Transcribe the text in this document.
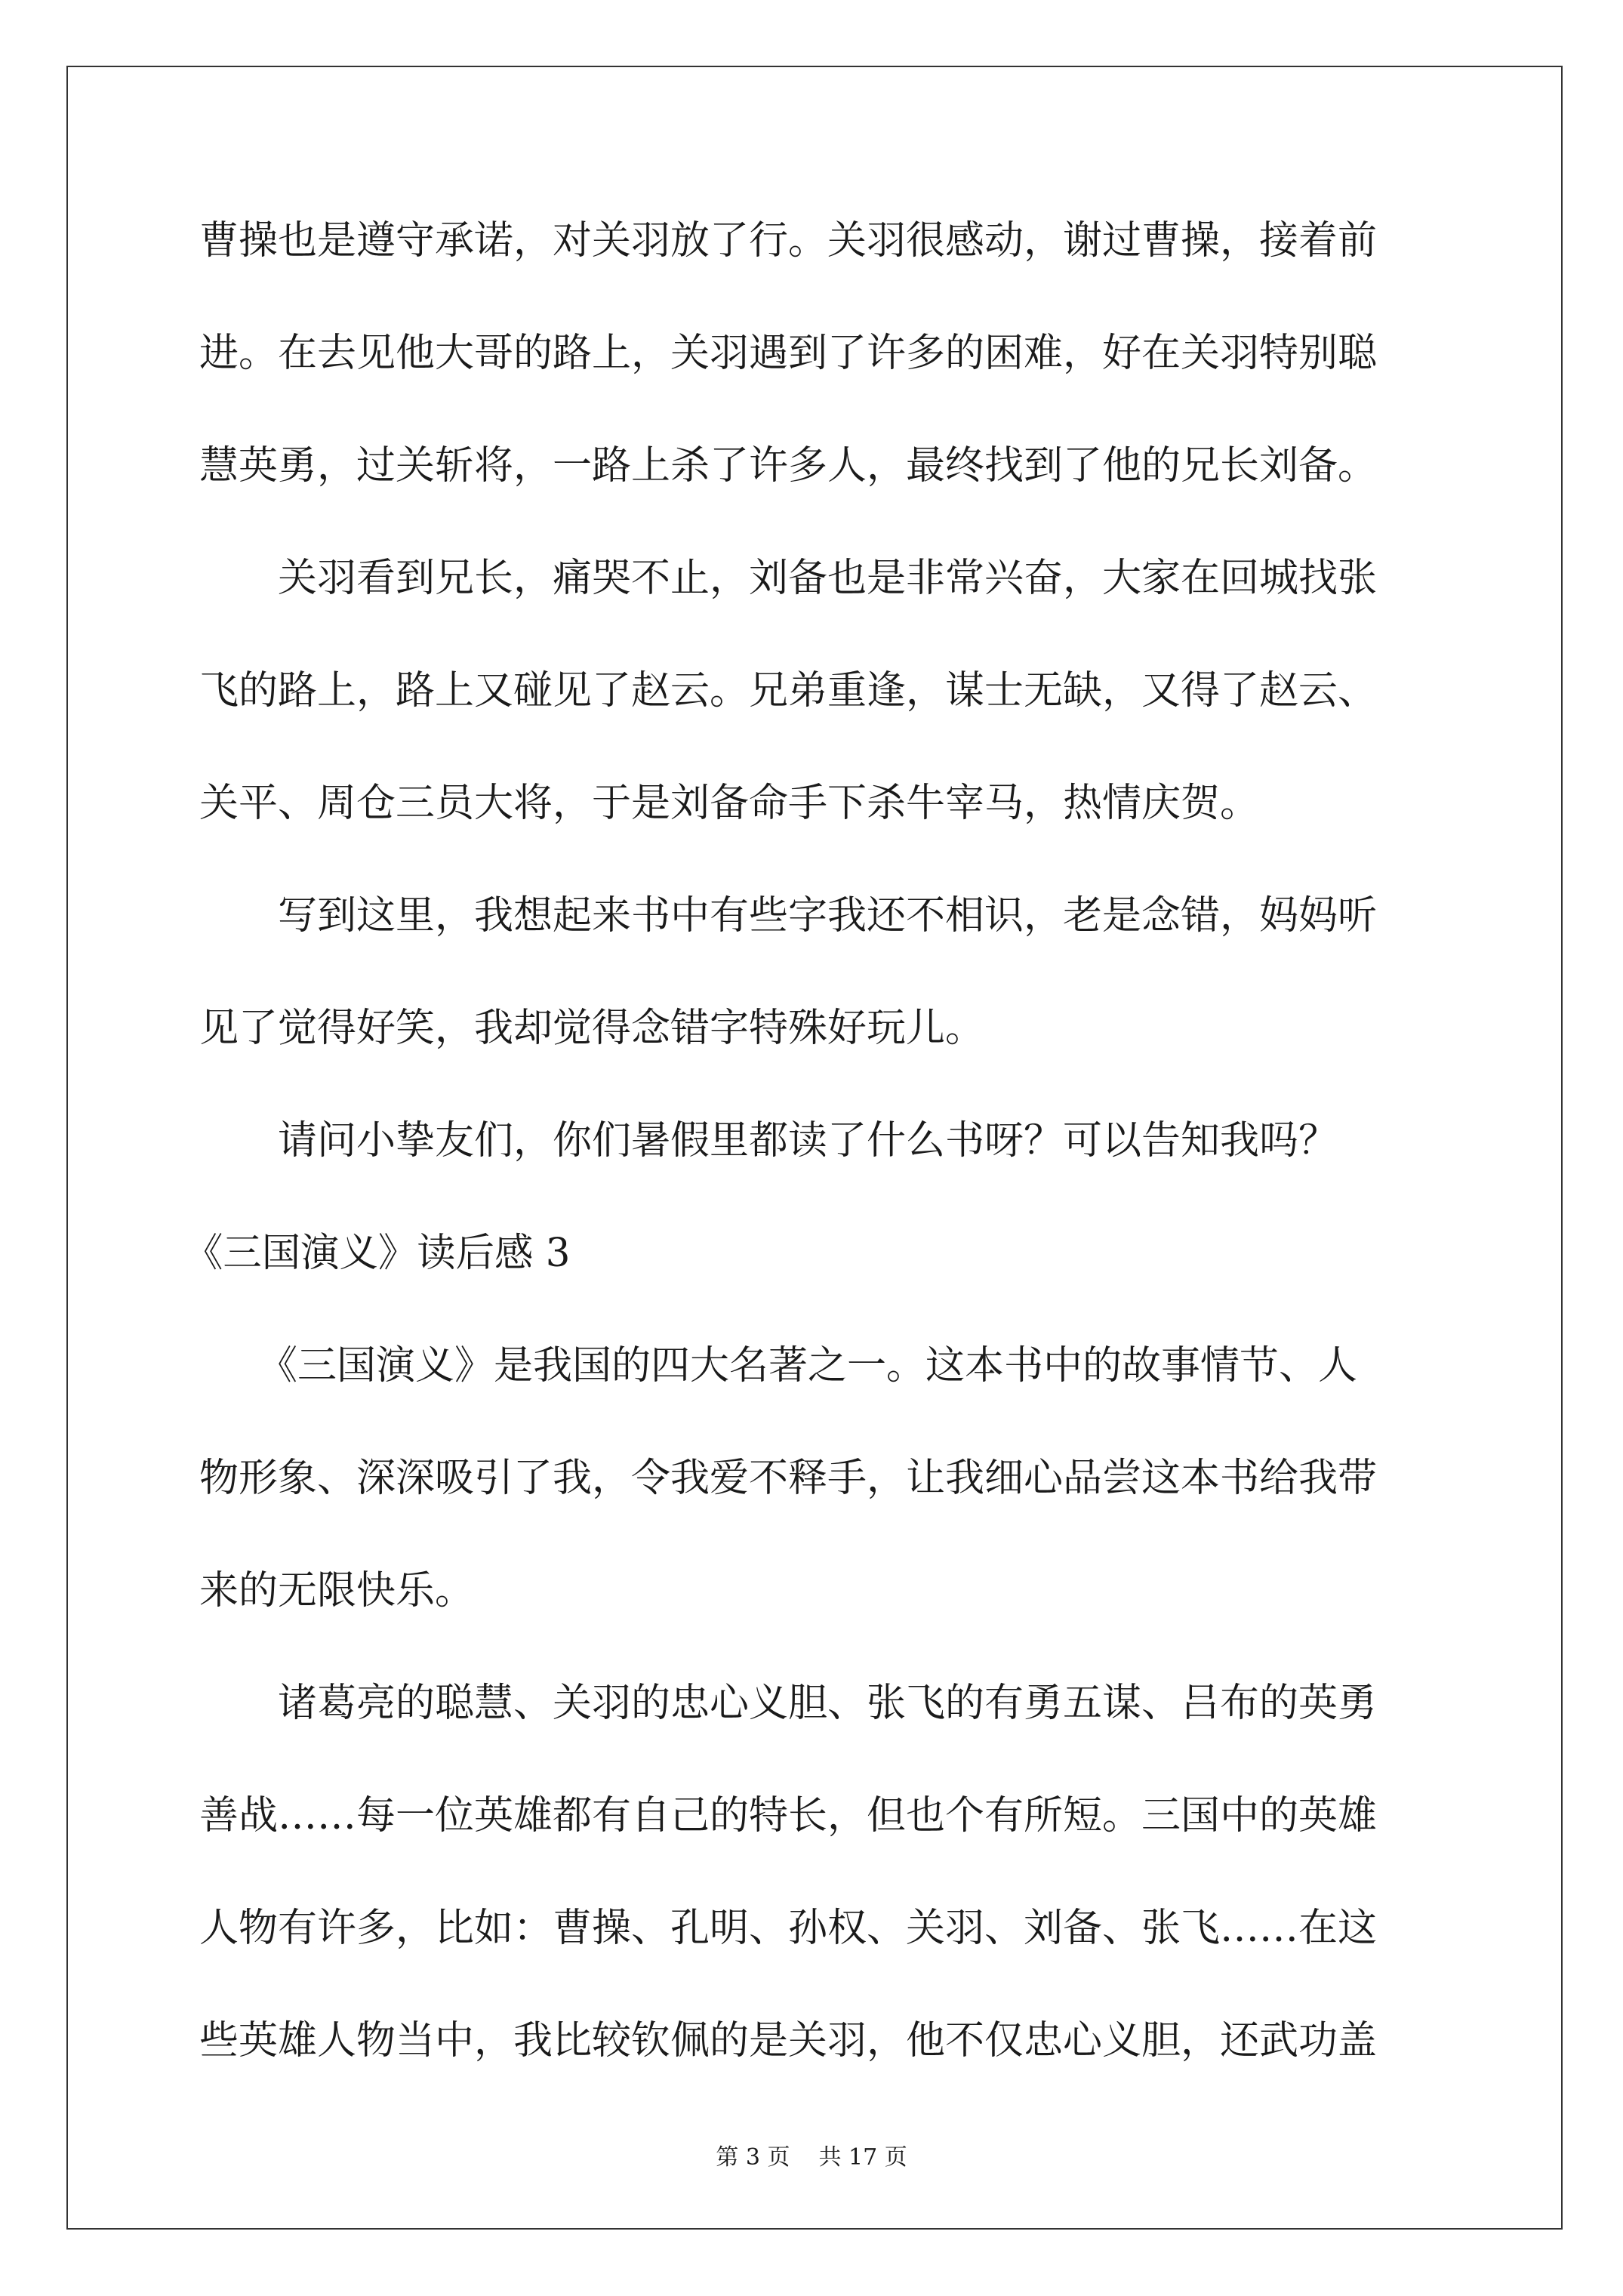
曹操也是遵守承诺，对关羽放了行。关羽很感动，谢过曹操，接着前
进。在去见他大哥的路上，关羽遇到了许多的困难，好在关羽特别聪
慧英勇，过关斩将，一路上杀了许多人，最终找到了他的兄长刘备。
　　关羽看到兄长，痛哭不止，刘备也是非常兴奋，大家在回城找张
飞的路上，路上又碰见了赵云。兄弟重逢，谋士无缺，又得了赵云、
关平、周仓三员大将，于是刘备命手下杀牛宰马，热情庆贺。
　　写到这里，我想起来书中有些字我还不相识，老是念错，妈妈听
见了觉得好笑，我却觉得念错字特殊好玩儿。
　　请问小挚友们，你们暑假里都读了什么书呀？可以告知我吗？
《三国演义》读后感 3
　　《三国演义》是我国的四大名著之一。这本书中的故事情节、人
物形象、深深吸引了我，令我爱不释手，让我细心品尝这本书给我带
来的无限快乐。
　　诸葛亮的聪慧、关羽的忠心义胆、张飞的有勇五谋、吕布的英勇
善战……每一位英雄都有自己的特长，但也个有所短。三国中的英雄
人物有许多，比如：曹操、孔明、孙权、关羽、刘备、张飞……在这
些英雄人物当中，我比较钦佩的是关羽，他不仅忠心义胆，还武功盖
第 3 页 共 17 页
